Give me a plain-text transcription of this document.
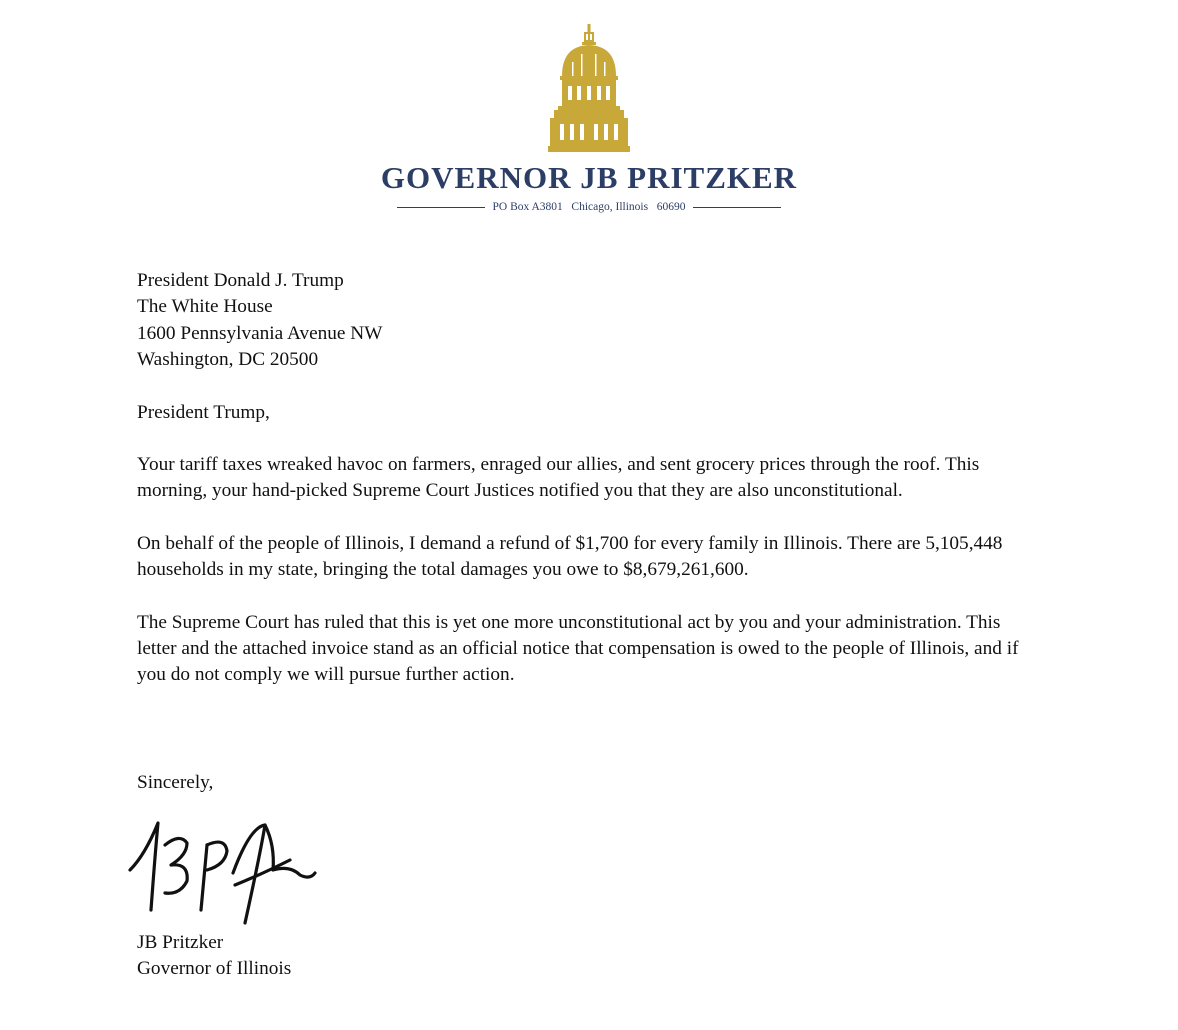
GOVERNOR JB PRITZKER
PO Box A3801   Chicago, Illinois   60690

President Donald J. Trump

The White House

1600 Pennsylvania Avenue NW

Washington, DC 20500

President Trump,

Your tariff taxes wreaked havoc on farmers, enraged our allies, and sent grocery prices through the roof. This morning, your hand-picked Supreme Court Justices notified you that they are also unconstitutional.

On behalf of the people of Illinois, I demand a refund of $1,700 for every family in Illinois. There are 5,105,448 households in my state, bringing the total damages you owe to $8,679,261,600.

The Supreme Court has ruled that this is yet one more unconstitutional act by you and your administration. This letter and the attached invoice stand as an official notice that compensation is owed to the people of Illinois, and if you do not comply we will pursue further action.

Sincerely,
JB Pritzker
Governor of Illinois
